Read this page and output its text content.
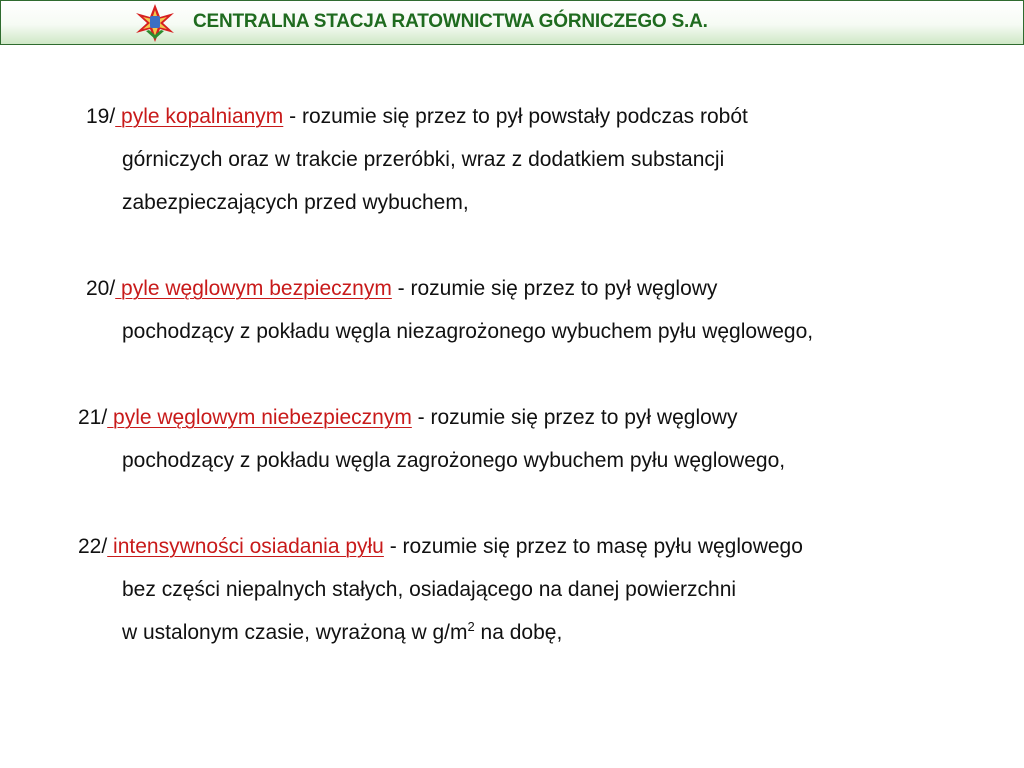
CENTRALNA STACJA RATOWNICTWA GÓRNICZEGO S.A.
19/ pyle kopalnianym - rozumie się przez to pył powstały podczas robót
górniczych oraz w trakcie przeróbki, wraz z dodatkiem substancji
zabezpieczających przed wybuchem,
20/ pyle węglowym bezpiecznym - rozumie się przez to pył węglowy
pochodzący z pokładu węgla niezagrożonego wybuchem pyłu węglowego,
21/ pyle węglowym niebezpiecznym - rozumie się przez to pył węglowy
pochodzący z pokładu węgla zagrożonego wybuchem pyłu węglowego,
22/ intensywności osiadania pyłu - rozumie się przez to masę pyłu węglowego
bez części niepalnych stałych, osiadającego na danej powierzchni
w ustalonym czasie, wyrażoną w $g/m^2$ na dobę,
